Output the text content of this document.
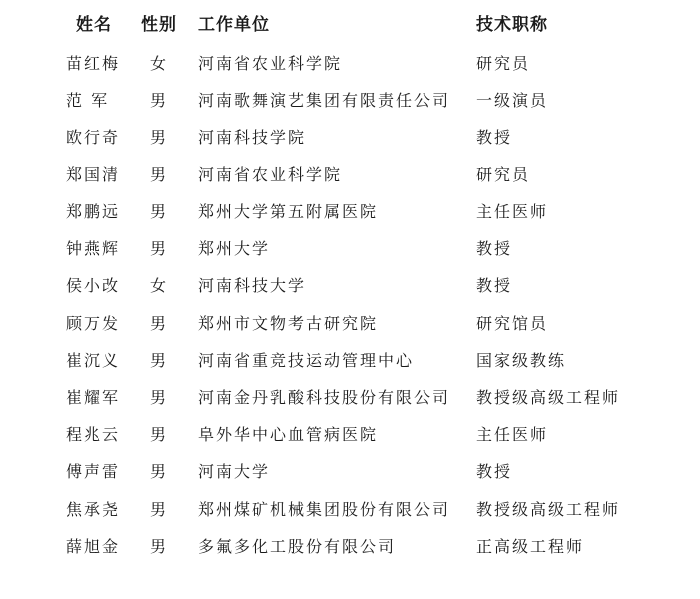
姓名	性别 工作单位	技术职称
苗红梅	女	河南省农业科学院	研究员
范 军	男	河南歌舞演艺集团有限责任公司 一级演员
欧行奇	男	河南科技学院	教授
郑国清	男	河南省农业科学院	研究员
郑鹏远	男	郑州大学第五附属医院	主任医师
钟燕辉	男	郑州大学	教授
侯小改	女	河南科技大学	教授
顾万发	男	郑州市文物考古研究院	研究馆员
崔沉义	男	河南省重竞技运动管理中心	国家级教练
崔耀军	男	河南金丹乳酸科技股份有限公司 教授级高级工程师
程兆云	男	阜外华中心血管病医院	主任医师
傅声雷	男	河南大学	教授
焦承尧	男	郑州煤矿机械集团股份有限公司 教授级高级工程师
薛旭金	男	多氟多化工股份有限公司	正高级工程师
